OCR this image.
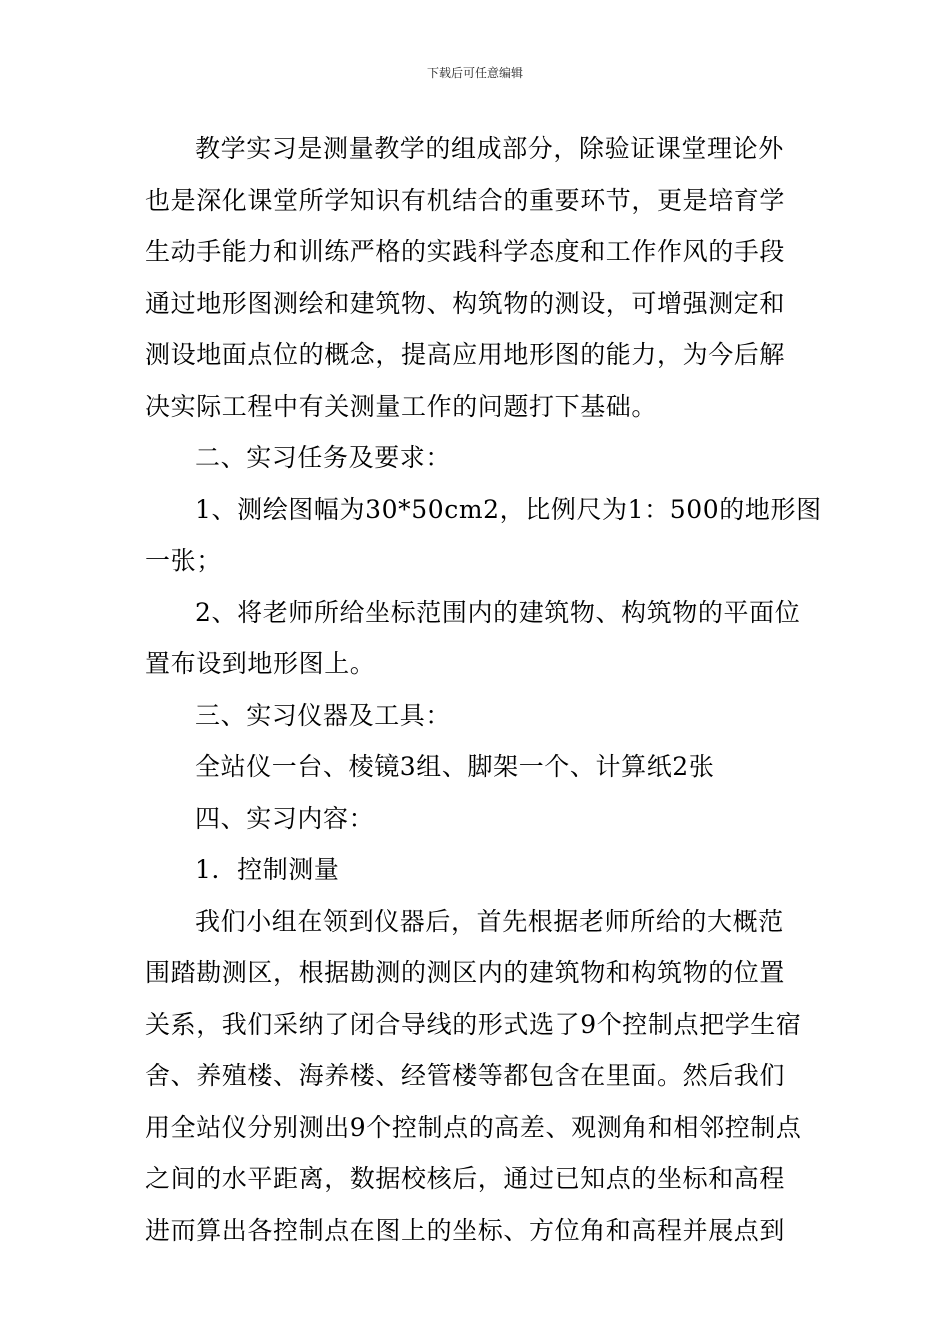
下载后可任意编辑

教学实习是测量教学的组成部分，除验证课堂理论外
也是深化课堂所学知识有机结合的重要环节，更是培育学
生动手能力和训练严格的实践科学态度和工作作风的手段
通过地形图测绘和建筑物、构筑物的测设，可增强测定和
测设地面点位的概念，提高应用地形图的能力，为今后解
决实际工程中有关测量工作的问题打下基础。

二、实习任务及要求：

1、测绘图幅为30*50cm2，比例尺为1：500的地形图
一张；

2、将老师所给坐标范围内的建筑物、构筑物的平面位
置布设到地形图上。

三、实习仪器及工具：

全站仪一台、棱镜3组、脚架一个、计算纸2张

四、实习内容：

1．控制测量

我们小组在领到仪器后，首先根据老师所给的大概范
围踏勘测区，根据勘测的测区内的建筑物和构筑物的位置
关系，我们采纳了闭合导线的形式选了9个控制点把学生宿
舍、养殖楼、海养楼、经管楼等都包含在里面。然后我们
用全站仪分别测出9个控制点的高差、观测角和相邻控制点
之间的水平距离，数据校核后，通过已知点的坐标和高程
进而算出各控制点在图上的坐标、方位角和高程并展点到
